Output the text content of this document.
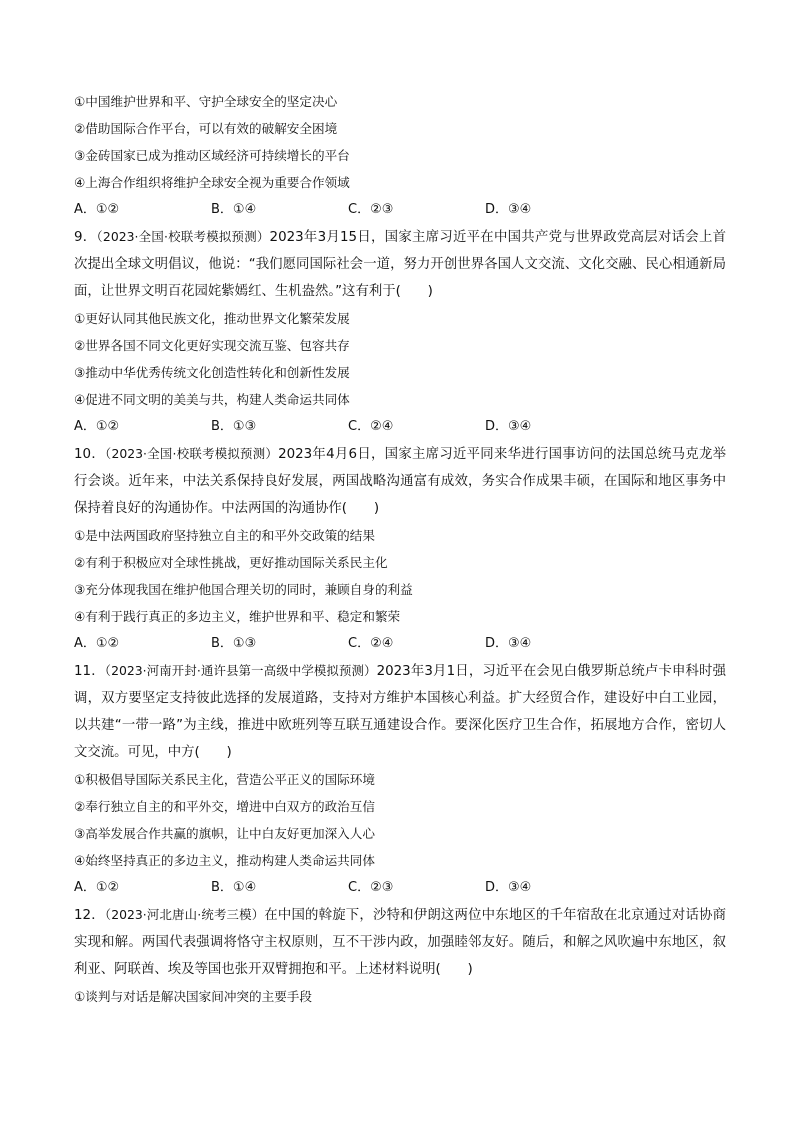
①中国维护世界和平、守护全球安全的坚定决心
②借助国际合作平台，可以有效的破解安全困境
③金砖国家已成为推动区域经济可持续增长的平台
④上海合作组织将维护全球安全视为重要合作领域
A．①②	B．①④	C．②③	D．③④
9．（2023·全国·校联考模拟预测）2023年3月15日，国家主席习近平在中国共产党与世界政党高层对话会上首次提出全球文明倡议，他说：“我们愿同国际社会一道，努力开创世界各国人文交流、文化交融、民心相通新局面，让世界文明百花园姹紫嫣红、生机盎然。”这有利于(　　)
①更好认同其他民族文化，推动世界文化繁荣发展
②世界各国不同文化更好实现交流互鉴、包容共存
③推动中华优秀传统文化创造性转化和创新性发展
④促进不同文明的美美与共，构建人类命运共同体
A．①②	B．①③	C．②④	D．③④
10．（2023·全国·校联考模拟预测）2023年4月6日，国家主席习近平同来华进行国事访问的法国总统马克龙举行会谈。近年来，中法关系保持良好发展，两国战略沟通富有成效，务实合作成果丰硕，在国际和地区事务中保持着良好的沟通协作。中法两国的沟通协作(　　)
①是中法两国政府坚持独立自主的和平外交政策的结果
②有利于积极应对全球性挑战，更好推动国际关系民主化
③充分体现我国在维护他国合理关切的同时，兼顾自身的利益
④有利于践行真正的多边主义，维护世界和平、稳定和繁荣
A．①②	B．①③	C．②④	D．③④
11．（2023·河南开封·通许县第一高级中学模拟预测）2023年3月1日，习近平在会见白俄罗斯总统卢卡申科时强调，双方要坚定支持彼此选择的发展道路，支持对方维护本国核心利益。扩大经贸合作，建设好中白工业园，以共建“一带一路”为主线，推进中欧班列等互联互通建设合作。要深化医疗卫生合作，拓展地方合作，密切人文交流。可见，中方(　　)
①积极倡导国际关系民主化，营造公平正义的国际环境
②奉行独立自主的和平外交，增进中白双方的政治互信
③高举发展合作共赢的旗帜，让中白友好更加深入人心
④始终坚持真正的多边主义，推动构建人类命运共同体
A．①②	B．①④	C．②③	D．③④
12．（2023·河北唐山·统考三模）在中国的斡旋下，沙特和伊朗这两位中东地区的千年宿敌在北京通过对话协商实现和解。两国代表强调将恪守主权原则，互不干涉内政，加强睦邻友好。随后，和解之风吹遍中东地区，叙利亚、阿联酋、埃及等国也张开双臂拥抱和平。上述材料说明(　　)
①谈判与对话是解决国家间冲突的主要手段
